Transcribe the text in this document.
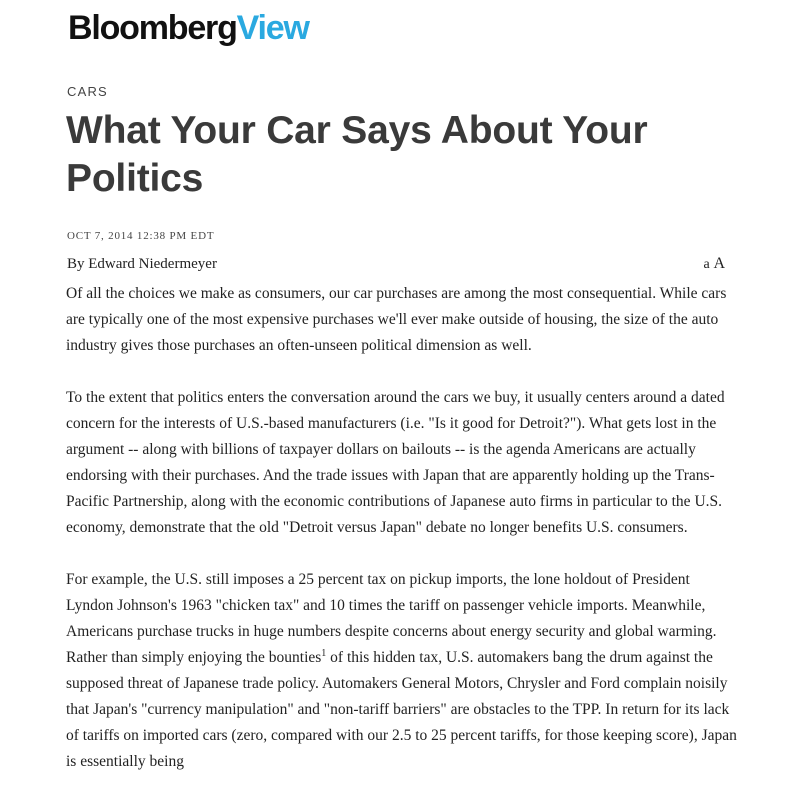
BloombergView
CARS
What Your Car Says About Your Politics
OCT 7, 2014 12:38 PM EDT
By Edward Niedermeyer	a A

Of all the choices we make as consumers, our car purchases are among the most consequential. While cars are typically one of the most expensive purchases we'll ever make outside of housing, the size of the auto industry gives those purchases an often-unseen political dimension as well.

To the extent that politics enters the conversation around the cars we buy, it usually centers around a dated concern for the interests of U.S.-based manufacturers (i.e. "Is it good for Detroit?"). What gets lost in the argument -- along with billions of taxpayer dollars on bailouts -- is the agenda Americans are actually endorsing with their purchases. And the trade issues with Japan that are apparently holding up the Trans-Pacific Partnership, along with the economic contributions of Japanese auto firms in particular to the U.S. economy, demonstrate that the old "Detroit versus Japan" debate no longer benefits U.S. consumers.

For example, the U.S. still imposes a 25 percent tax on pickup imports, the lone holdout of President Lyndon Johnson's 1963 "chicken tax" and 10 times the tariff on passenger vehicle imports. Meanwhile, Americans purchase trucks in huge numbers despite concerns about energy security and global warming. Rather than simply enjoying the bounties$^1$ of this hidden tax, U.S. automakers bang the drum against the supposed threat of Japanese trade policy. Automakers General Motors, Chrysler and Ford complain noisily that Japan's "currency manipulation" and "non-tariff barriers" are obstacles to the TPP. In return for its lack of tariffs on imported cars (zero, compared with our 2.5 to 25 percent tariffs, for those keeping score), Japan is essentially being
